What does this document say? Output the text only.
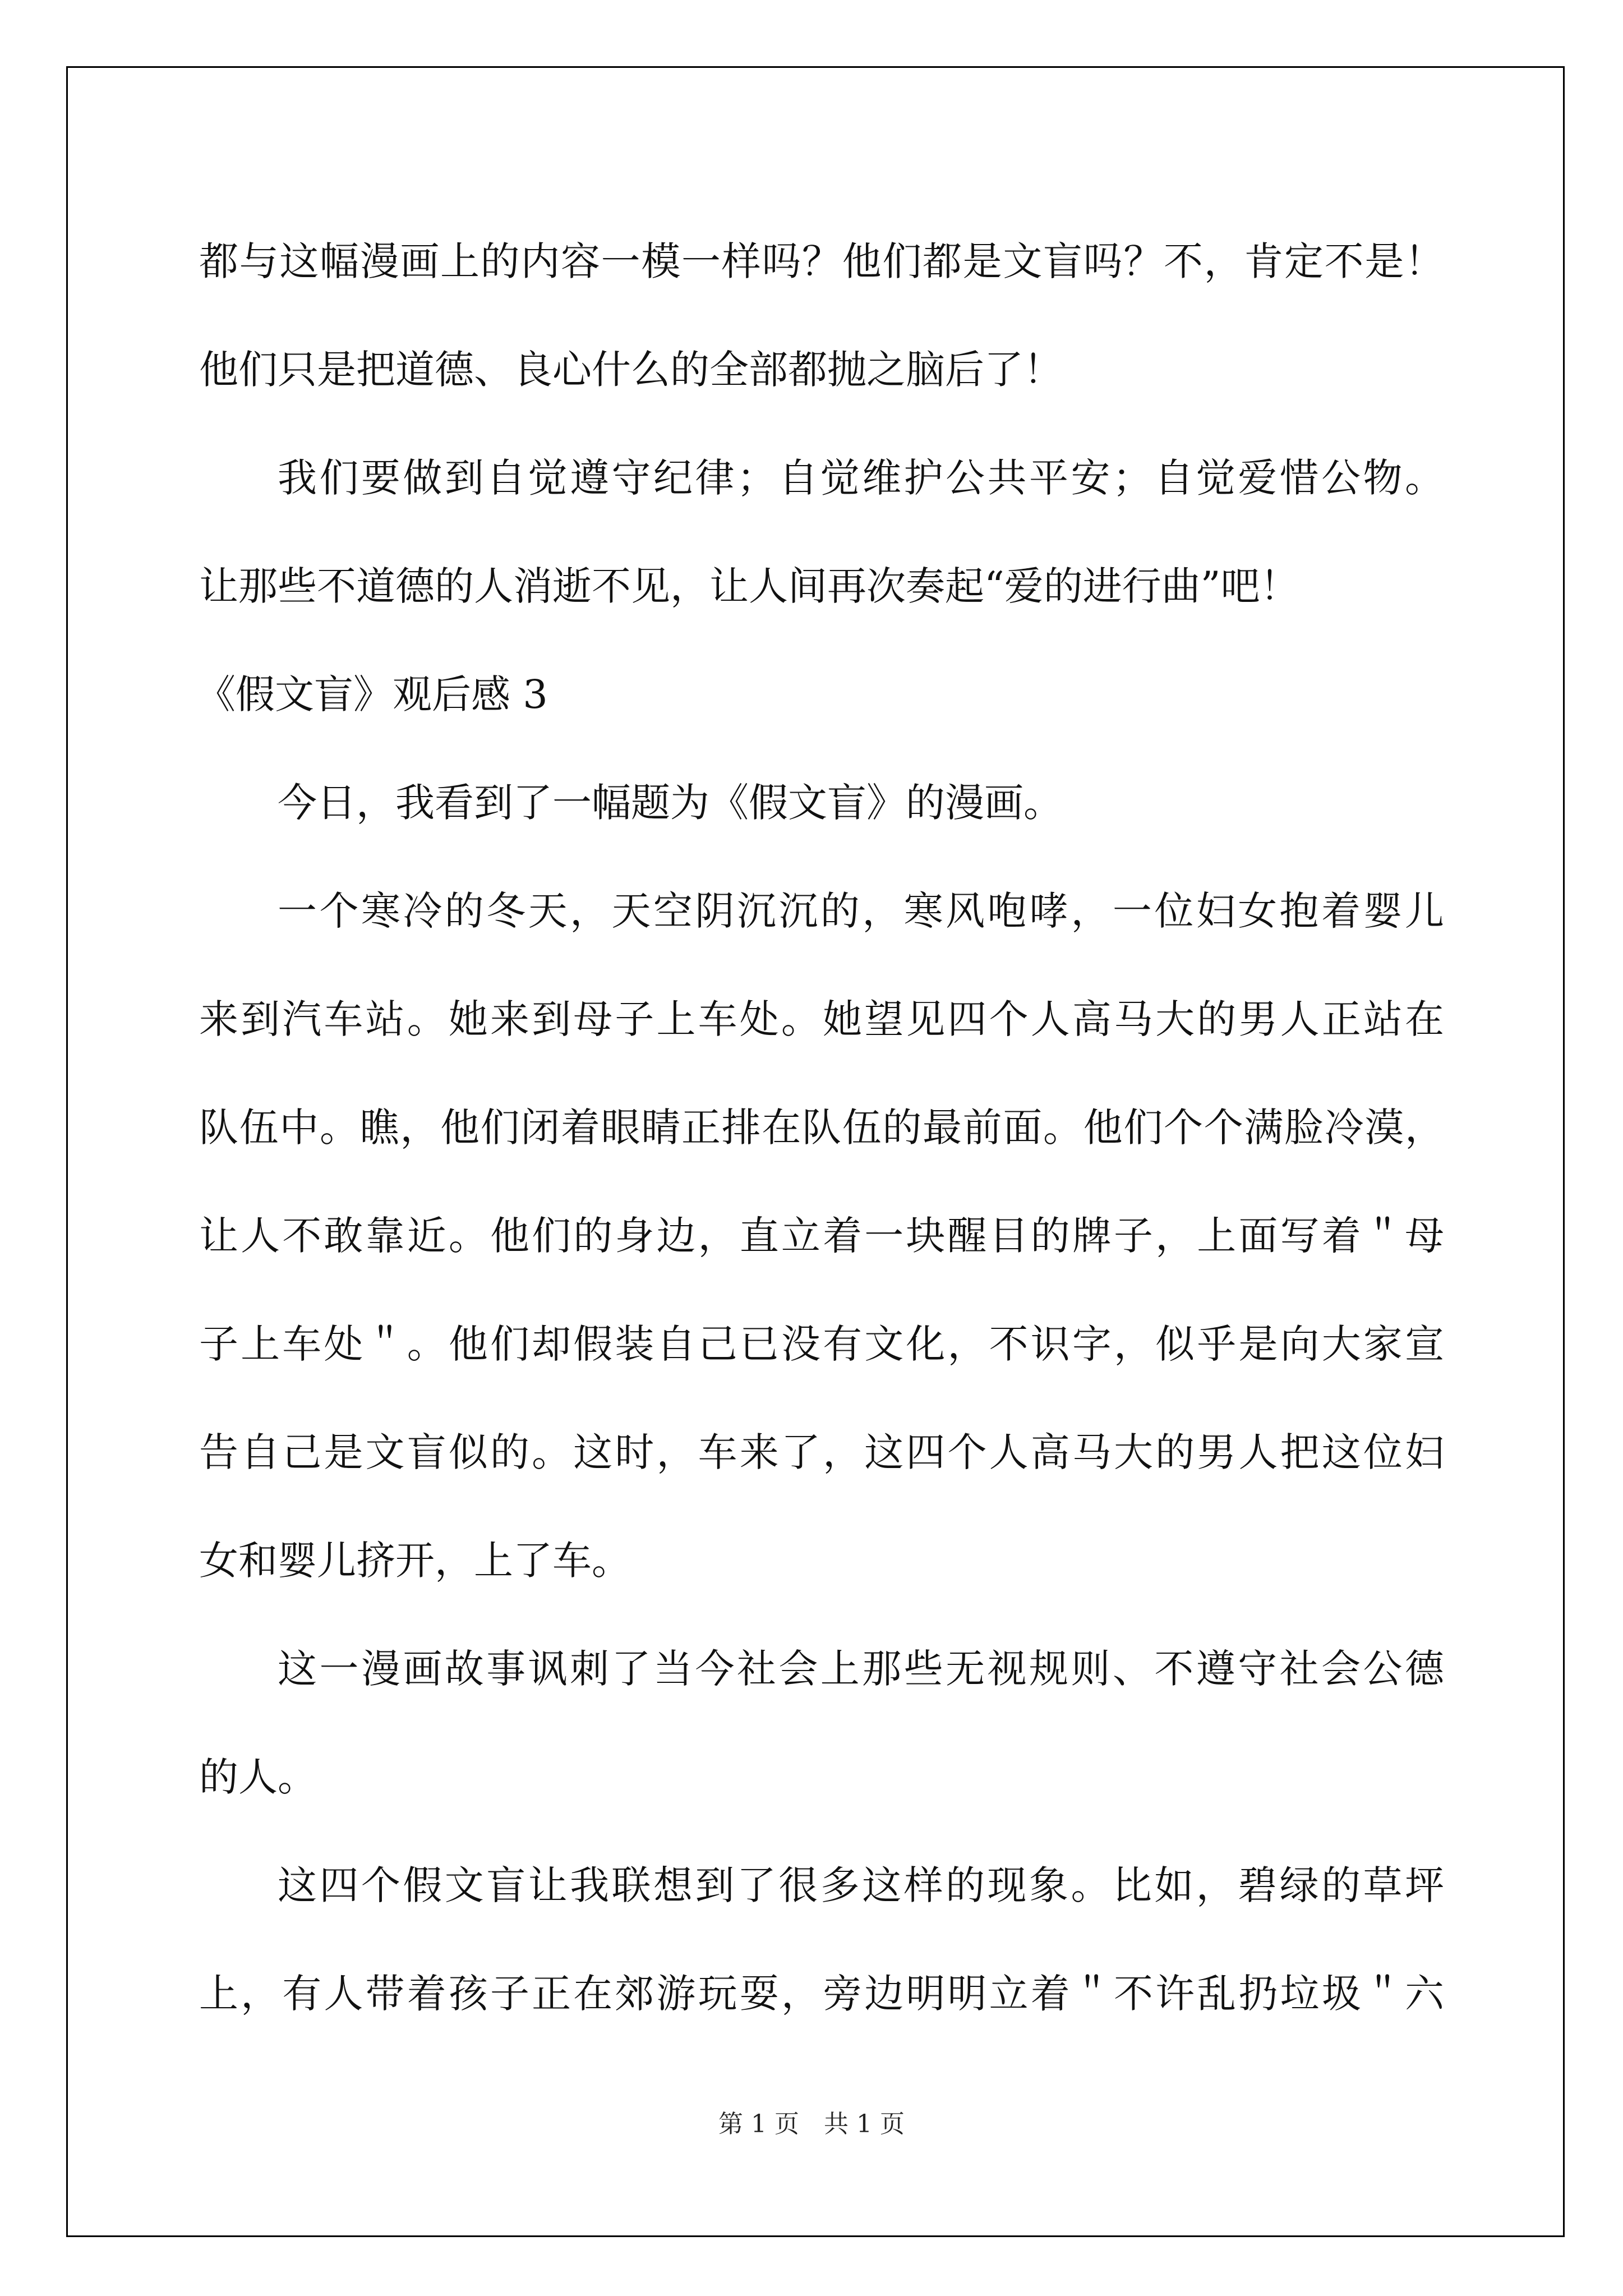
都与这幅漫画上的内容一模一样吗？他们都是文盲吗？不，肯定不是！
他们只是把道德、良心什么的全部都抛之脑后了！
我们要做到自觉遵守纪律；自觉维护公共平安；自觉爱惜公物。
让那些不道德的人消逝不见，让人间再次奏起“爱的进行曲”吧！
《假文盲》观后感 3
今日，我看到了一幅题为《假文盲》的漫画。
一个寒冷的冬天，天空阴沉沉的，寒风咆哮，一位妇女抱着婴儿
来到汽车站。她来到母子上车处。她望见四个人高马大的男人正站在
队伍中。瞧，他们闭着眼睛正排在队伍的最前面。他们个个满脸冷漠，
让人不敢靠近。他们的身边，直立着一块醒目的牌子，上面写着＂母
子上车处＂。他们却假装自己已没有文化，不识字，似乎是向大家宣
告自己是文盲似的。这时，车来了，这四个人高马大的男人把这位妇
女和婴儿挤开，上了车。
这一漫画故事讽刺了当今社会上那些无视规则、不遵守社会公德
的人。
这四个假文盲让我联想到了很多这样的现象。比如，碧绿的草坪
上，有人带着孩子正在郊游玩耍，旁边明明立着＂不许乱扔垃圾＂六
第 1 页　共 1 页
